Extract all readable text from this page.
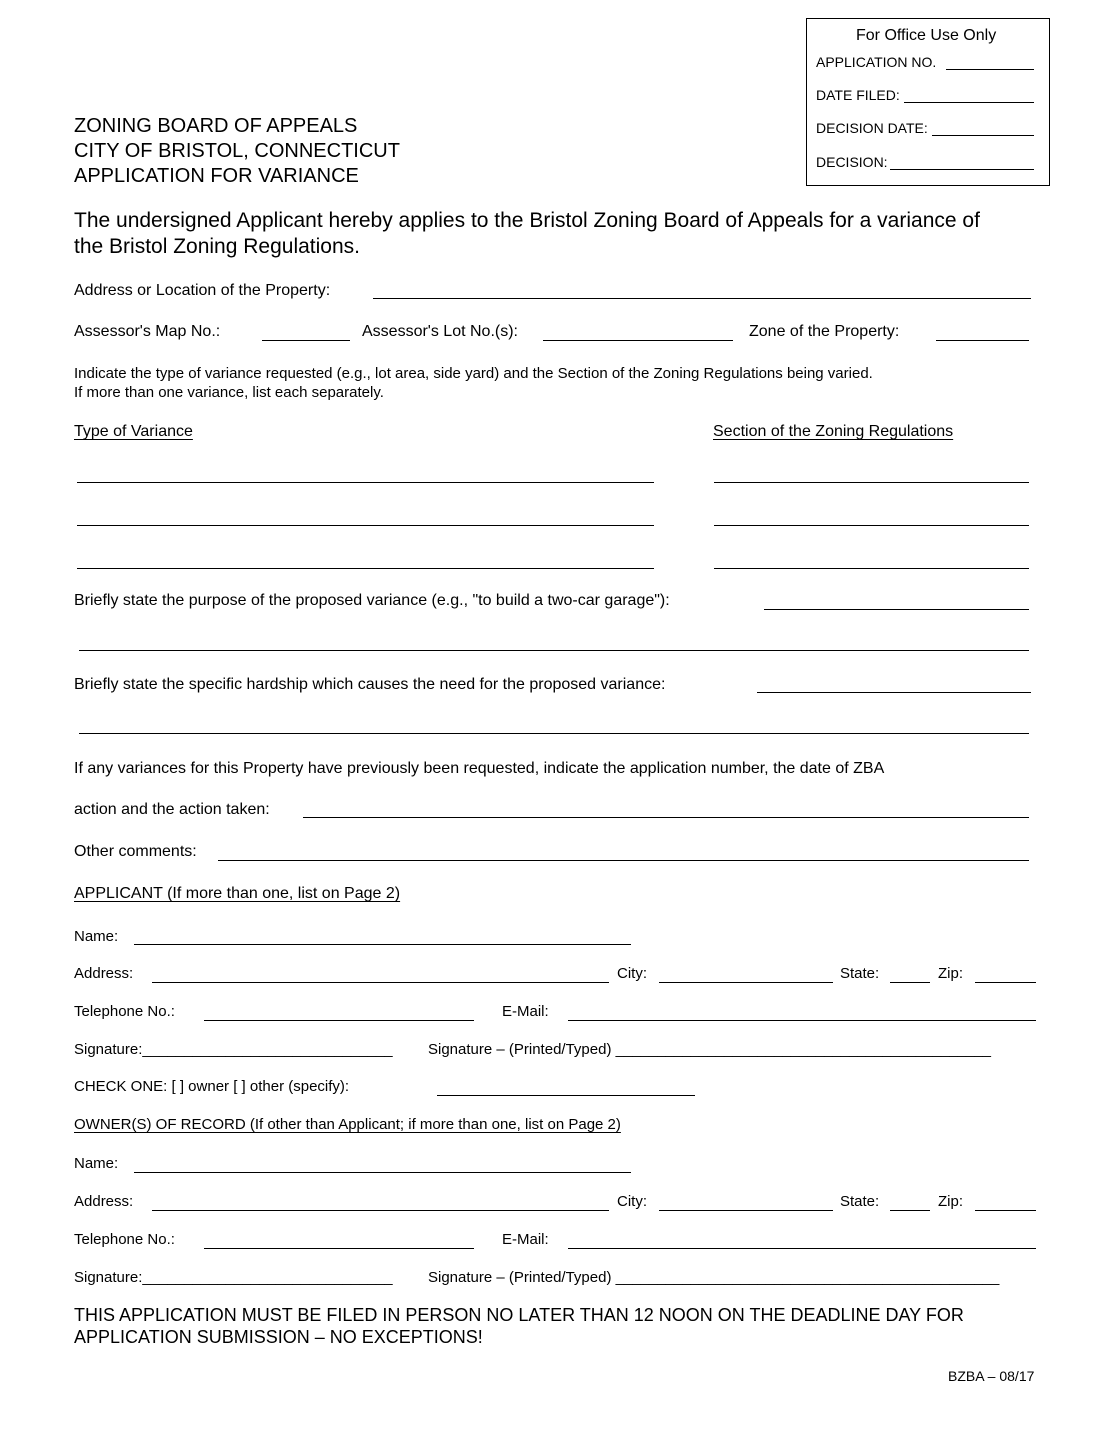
For Office Use Only
APPLICATION NO.
DATE FILED:
DECISION DATE:
DECISION:
ZONING BOARD OF APPEALS
CITY OF BRISTOL, CONNECTICUT
APPLICATION FOR VARIANCE
The undersigned Applicant hereby applies to the Bristol Zoning Board of Appeals for a variance of
the Bristol Zoning Regulations.
Address or Location of the Property:
Assessor's Map No.:	Assessor's Lot No.(s):	Zone of the Property:
Indicate the type of variance requested (e.g., lot area, side yard) and the Section of the Zoning Regulations being varied.
If more than one variance, list each separately.
Type of Variance	Section of the Zoning Regulations
Briefly state the purpose of the proposed variance (e.g., "to build a two-car garage"):
Briefly state the specific hardship which causes the need for the proposed variance:
If any variances for this Property have previously been requested, indicate the application number, the date of ZBA
action and the action taken:
Other comments:
APPLICANT (If more than one, list on Page 2)
Name:
Address:	City:	State:	Zip:
Telephone No.:	E-Mail:
Signature:______________________________ Signature – (Printed/Typed) _____________________________________________
CHECK ONE: [ ] owner [ ] other (specify):
OWNER(S) OF RECORD (If other than Applicant; if more than one, list on Page 2)
Name:
Address:	City:	State:	Zip:
Telephone No.:	E-Mail:
Signature:______________________________ Signature – (Printed/Typed) ______________________________________________
THIS APPLICATION MUST BE FILED IN PERSON NO LATER THAN 12 NOON ON THE DEADLINE DAY FOR
APPLICATION SUBMISSION – NO EXCEPTIONS!
BZBA – 08/17
